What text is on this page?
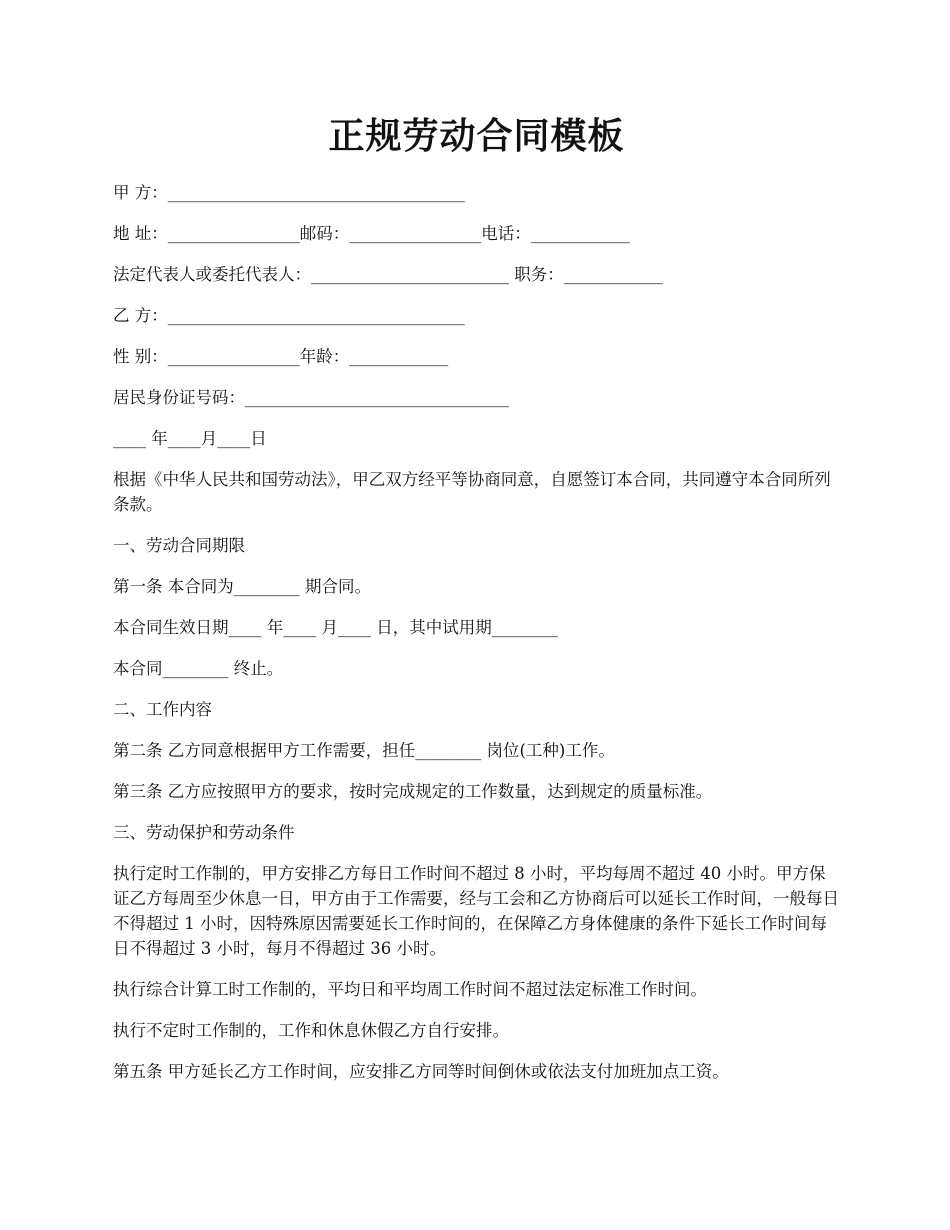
正规劳动合同模板

甲 方：____________________________________

地 址：________________邮码：________________电话：____________

法定代表人或委托代表人：________________________ 职务：____________

乙 方：____________________________________

性 别：________________年龄：____________

居民身份证号码：________________________________

____ 年____月____日

根据《中华人民共和国劳动法》，甲乙双方经平等协商同意，自愿签订本合同，共同遵守本合同所列条款。

一、劳动合同期限

第一条 本合同为________ 期合同。

本合同生效日期____ 年____ 月____ 日，其中试用期________

本合同________ 终止。

二、工作内容

第二条 乙方同意根据甲方工作需要，担任________ 岗位(工种)工作。

第三条 乙方应按照甲方的要求，按时完成规定的工作数量，达到规定的质量标准。

三、劳动保护和劳动条件

执行定时工作制的，甲方安排乙方每日工作时间不超过 8 小时，平均每周不超过 40 小时。甲方保证乙方每周至少休息一日，甲方由于工作需要，经与工会和乙方协商后可以延长工作时间，一般每日不得超过 1 小时，因特殊原因需要延长工作时间的，在保障乙方身体健康的条件下延长工作时间每日不得超过 3 小时，每月不得超过 36 小时。

执行综合计算工时工作制的，平均日和平均周工作时间不超过法定标准工作时间。

执行不定时工作制的，工作和休息休假乙方自行安排。

第五条 甲方延长乙方工作时间，应安排乙方同等时间倒休或依法支付加班加点工资。
